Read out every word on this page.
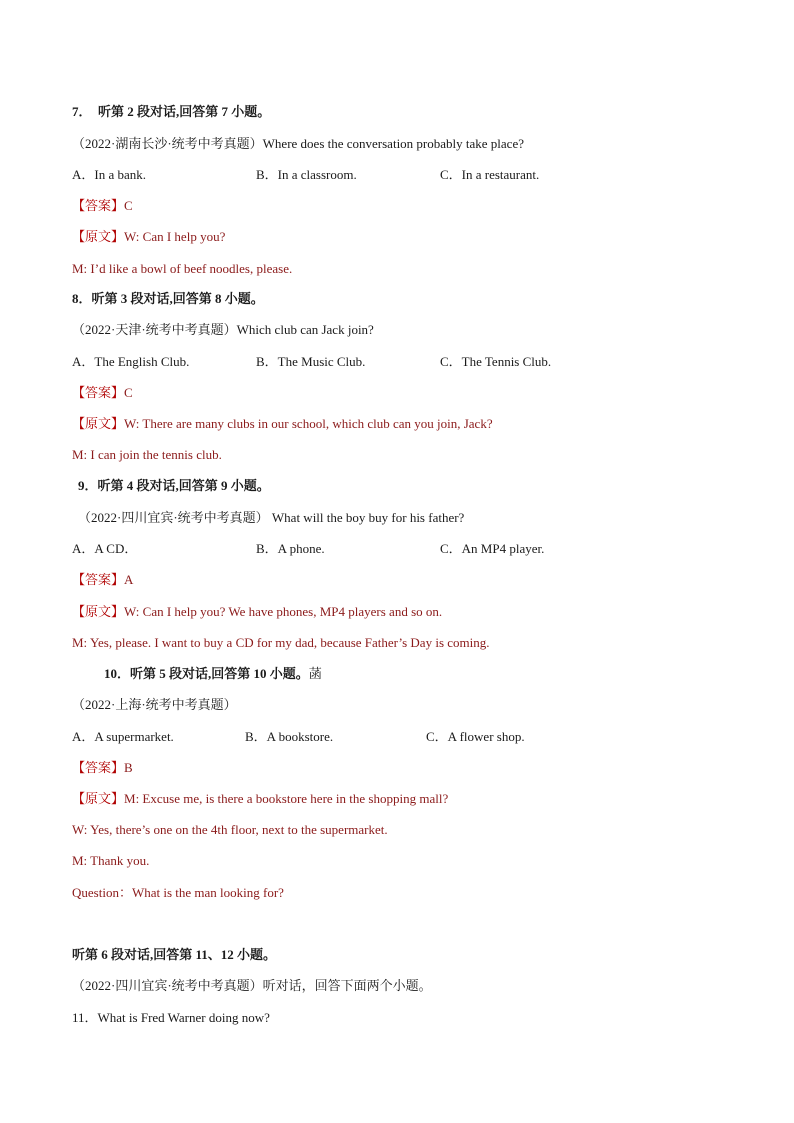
7．　听第 2 段对话,回答第 7 小题。
（2022·湖南长沙·统考中考真题）Where does the conversation probably take place?
A．In a bank.	B．In a classroom.	C．In a restaurant.
【答案】C
【原文】W: Can I help you?
M: I’d like a bowl of beef noodles, please.
8．听第 3 段对话,回答第 8 小题。
（2022·天津·统考中考真题）Which club can Jack join?
A．The English Club.	B．The Music Club.	C．The Tennis Club.
【答案】C
【原文】W: There are many clubs in our school, which club can you join, Jack?
M: I can join the tennis club.
9．听第 4 段对话,回答第 9 小题。
（2022·四川宜宾·统考中考真题） What will the boy buy for his father?
A．A CD．	B．A phone.	C．An MP4 player.
【答案】A
【原文】W: Can I help you? We have phones, MP4 players and so on.
M: Yes, please. I want to buy a CD for my dad, because Father’s Day is coming.
10．听第 5 段对话,回答第 10 小题。菡
（2022·上海·统考中考真题）
A．A supermarket.	B．A bookstore.	C．A flower shop.
【答案】B
【原文】M: Excuse me, is there a bookstore here in the shopping mall?
W: Yes, there’s one on the 4th floor, next to the supermarket.
M: Thank you.
Question：What is the man looking for?
听第 6 段对话,回答第 11、12 小题。
（2022·四川宜宾·统考中考真题）听对话，回答下面两个小题。
11．What is Fred Warner doing now?
